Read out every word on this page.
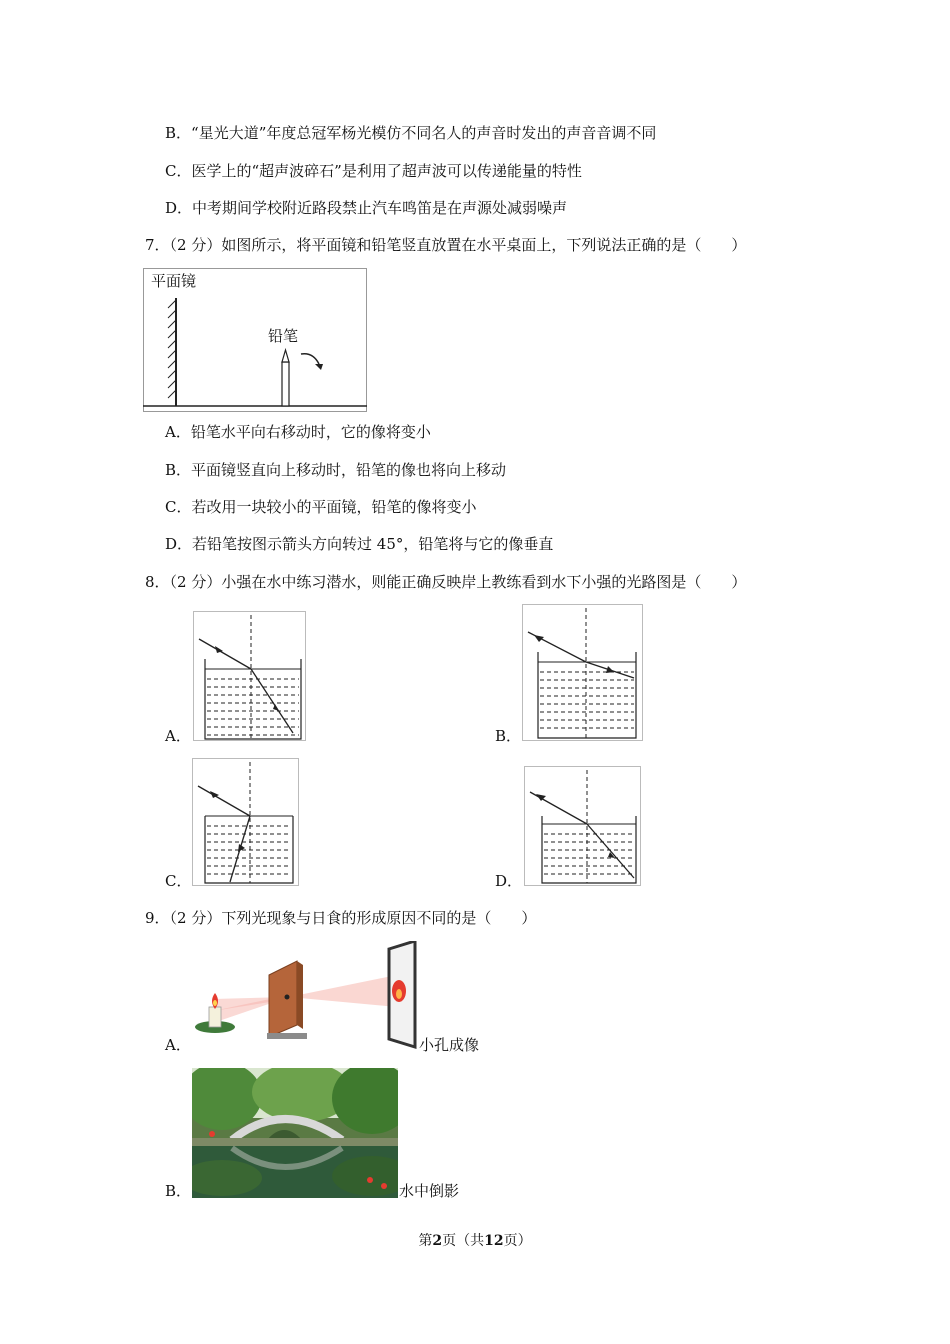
B．“星光大道”年度总冠军杨光模仿不同名人的声音时发出的声音音调不同
C．医学上的“超声波碎石”是利用了超声波可以传递能量的特性
D．中考期间学校附近路段禁止汽车鸣笛是在声源处减弱噪声
7．（2 分）如图所示，将平面镜和铅笔竖直放置在水平桌面上，下列说法正确的是（　　）
平面镜
铅笔
A．铅笔水平向右移动时，它的像将变小
B．平面镜竖直向上移动时，铅笔的像也将向上移动
C．若改用一块较小的平面镜，铅笔的像将变小
D．若铅笔按图示箭头方向转过 45°，铅笔将与它的像垂直
8．（2 分）小强在水中练习潜水，则能正确反映岸上教练看到水下小强的光路图是（　　）
A．	B．
C．	D．
9．（2 分）下列光现象与日食的形成原因不同的是（　　）
A．	小孔成像
B．	水中倒影
第2页（共12页）
